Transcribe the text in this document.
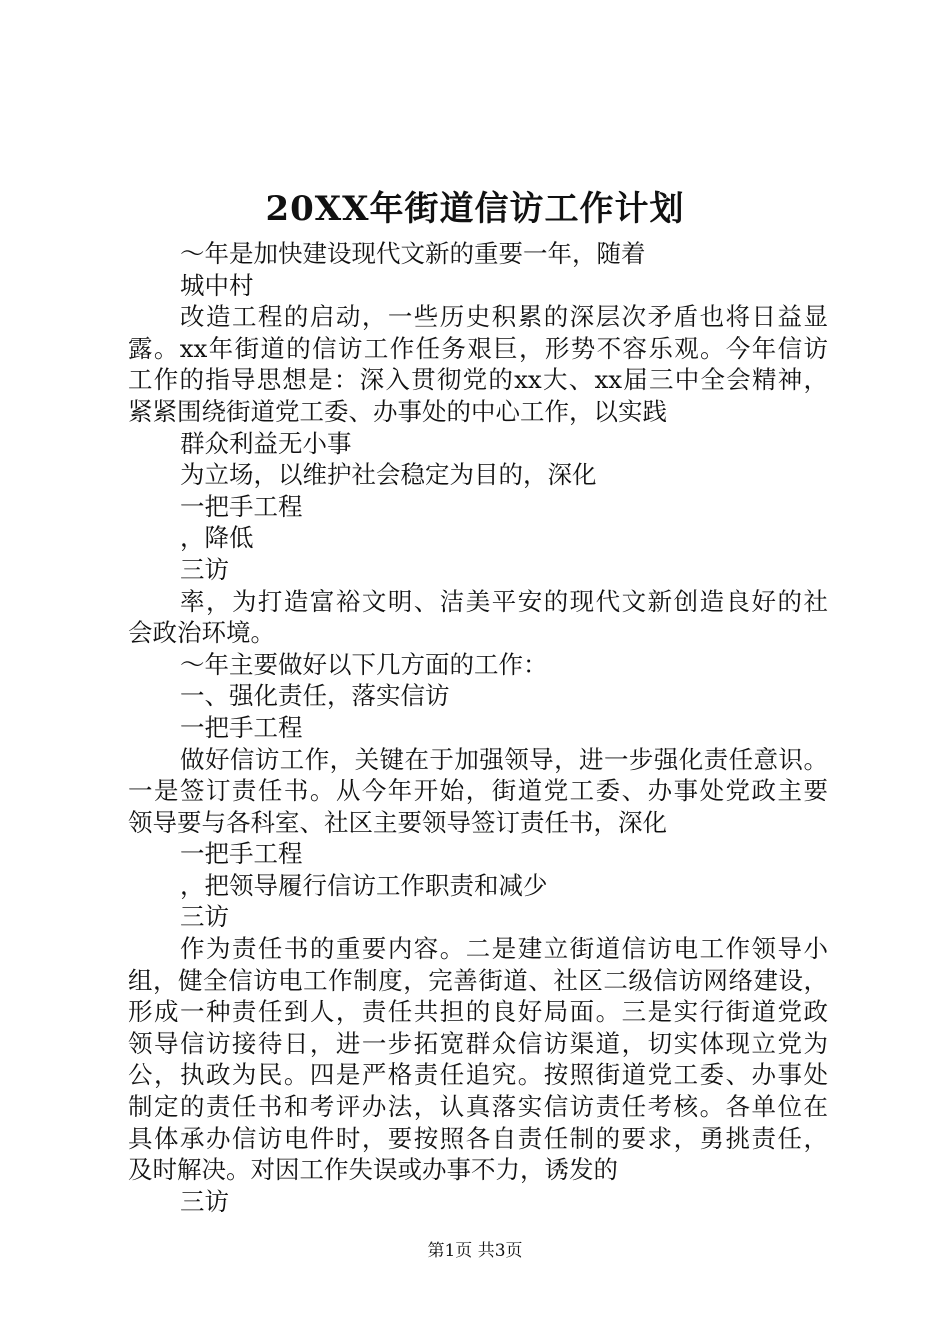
20XX年街道信访工作计划
～年是加快建设现代文新的重要一年，随着
城中村
改造工程的启动，一些历史积累的深层次矛盾也将日益显
露。xx年街道的信访工作任务艰巨，形势不容乐观。今年信访
工作的指导思想是：深入贯彻党的xx大、xx届三中全会精神，
紧紧围绕街道党工委、办事处的中心工作，以实践
群众利益无小事
为立场，以维护社会稳定为目的，深化
一把手工程
，降低
三访
率，为打造富裕文明、洁美平安的现代文新创造良好的社
会政治环境。
～年主要做好以下几方面的工作：
一、强化责任，落实信访
一把手工程
做好信访工作，关键在于加强领导，进一步强化责任意识。
一是签订责任书。从今年开始，街道党工委、办事处党政主要
领导要与各科室、社区主要领导签订责任书，深化
一把手工程
，把领导履行信访工作职责和减少
三访
作为责任书的重要内容。二是建立街道信访电工作领导小
组，健全信访电工作制度，完善街道、社区二级信访网络建设，
形成一种责任到人，责任共担的良好局面。三是实行街道党政
领导信访接待日，进一步拓宽群众信访渠道，切实体现立党为
公，执政为民。四是严格责任追究。按照街道党工委、办事处
制定的责任书和考评办法，认真落实信访责任考核。各单位在
具体承办信访电件时，要按照各自责任制的要求，勇挑责任，
及时解决。对因工作失误或办事不力，诱发的
三访
第1页 共3页
